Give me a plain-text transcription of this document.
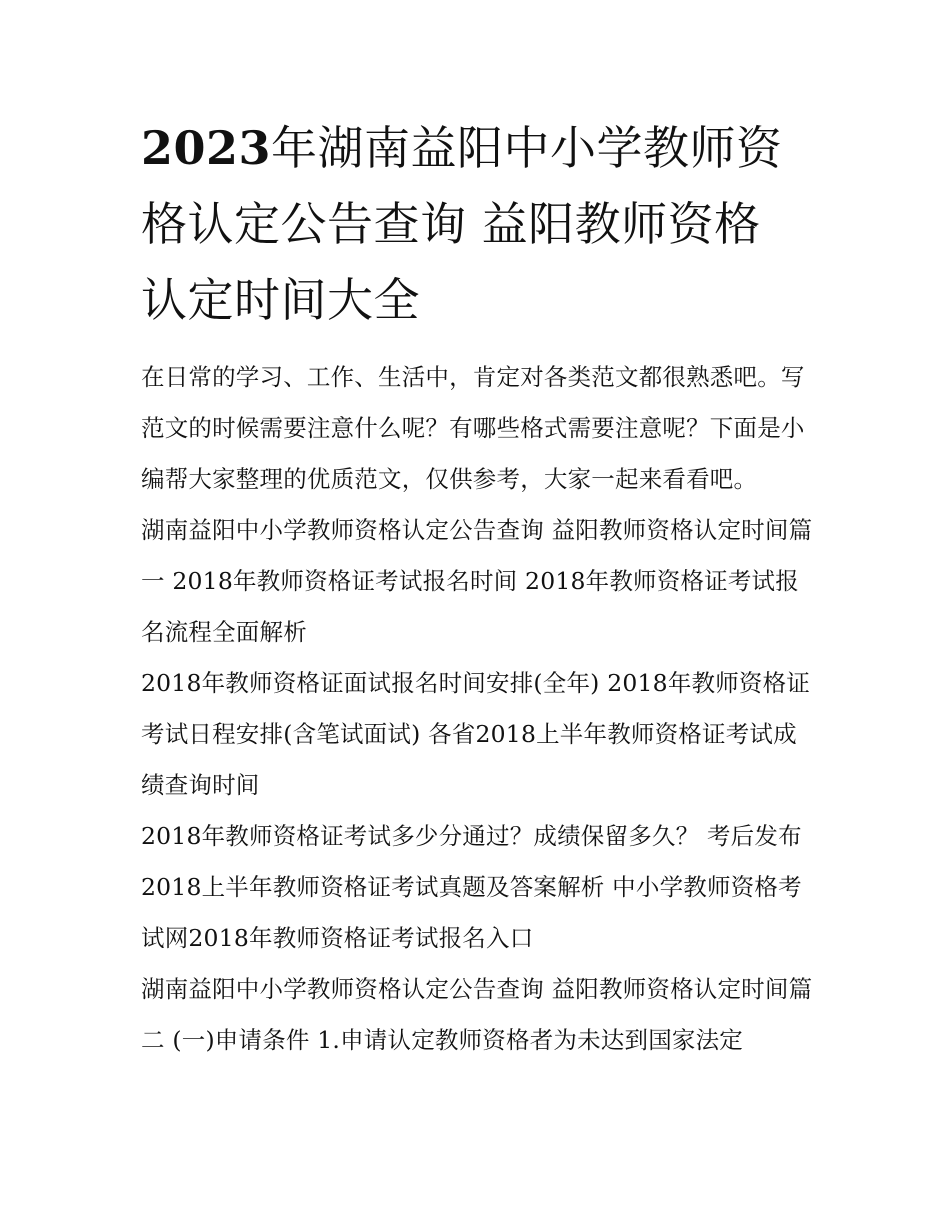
2023年湖南益阳中小学教师资格认定公告查询 益阳教师资格认定时间大全

在日常的学习、工作、生活中，肯定对各类范文都很熟悉吧。写范文的时候需要注意什么呢？有哪些格式需要注意呢？下面是小编帮大家整理的优质范文，仅供参考，大家一起来看看吧。

湖南益阳中小学教师资格认定公告查询 益阳教师资格认定时间篇一 2018年教师资格证考试报名时间 2018年教师资格证考试报名流程全面解析

2018年教师资格证面试报名时间安排(全年) 2018年教师资格证考试日程安排(含笔试面试) 各省2018上半年教师资格证考试成绩查询时间

2018年教师资格证考试多少分通过？成绩保留多久？ 考后发布2018上半年教师资格证考试真题及答案解析 中小学教师资格考试网2018年教师资格证考试报名入口

湖南益阳中小学教师资格认定公告查询 益阳教师资格认定时间篇二 (一)申请条件 1.申请认定教师资格者为未达到国家法定
